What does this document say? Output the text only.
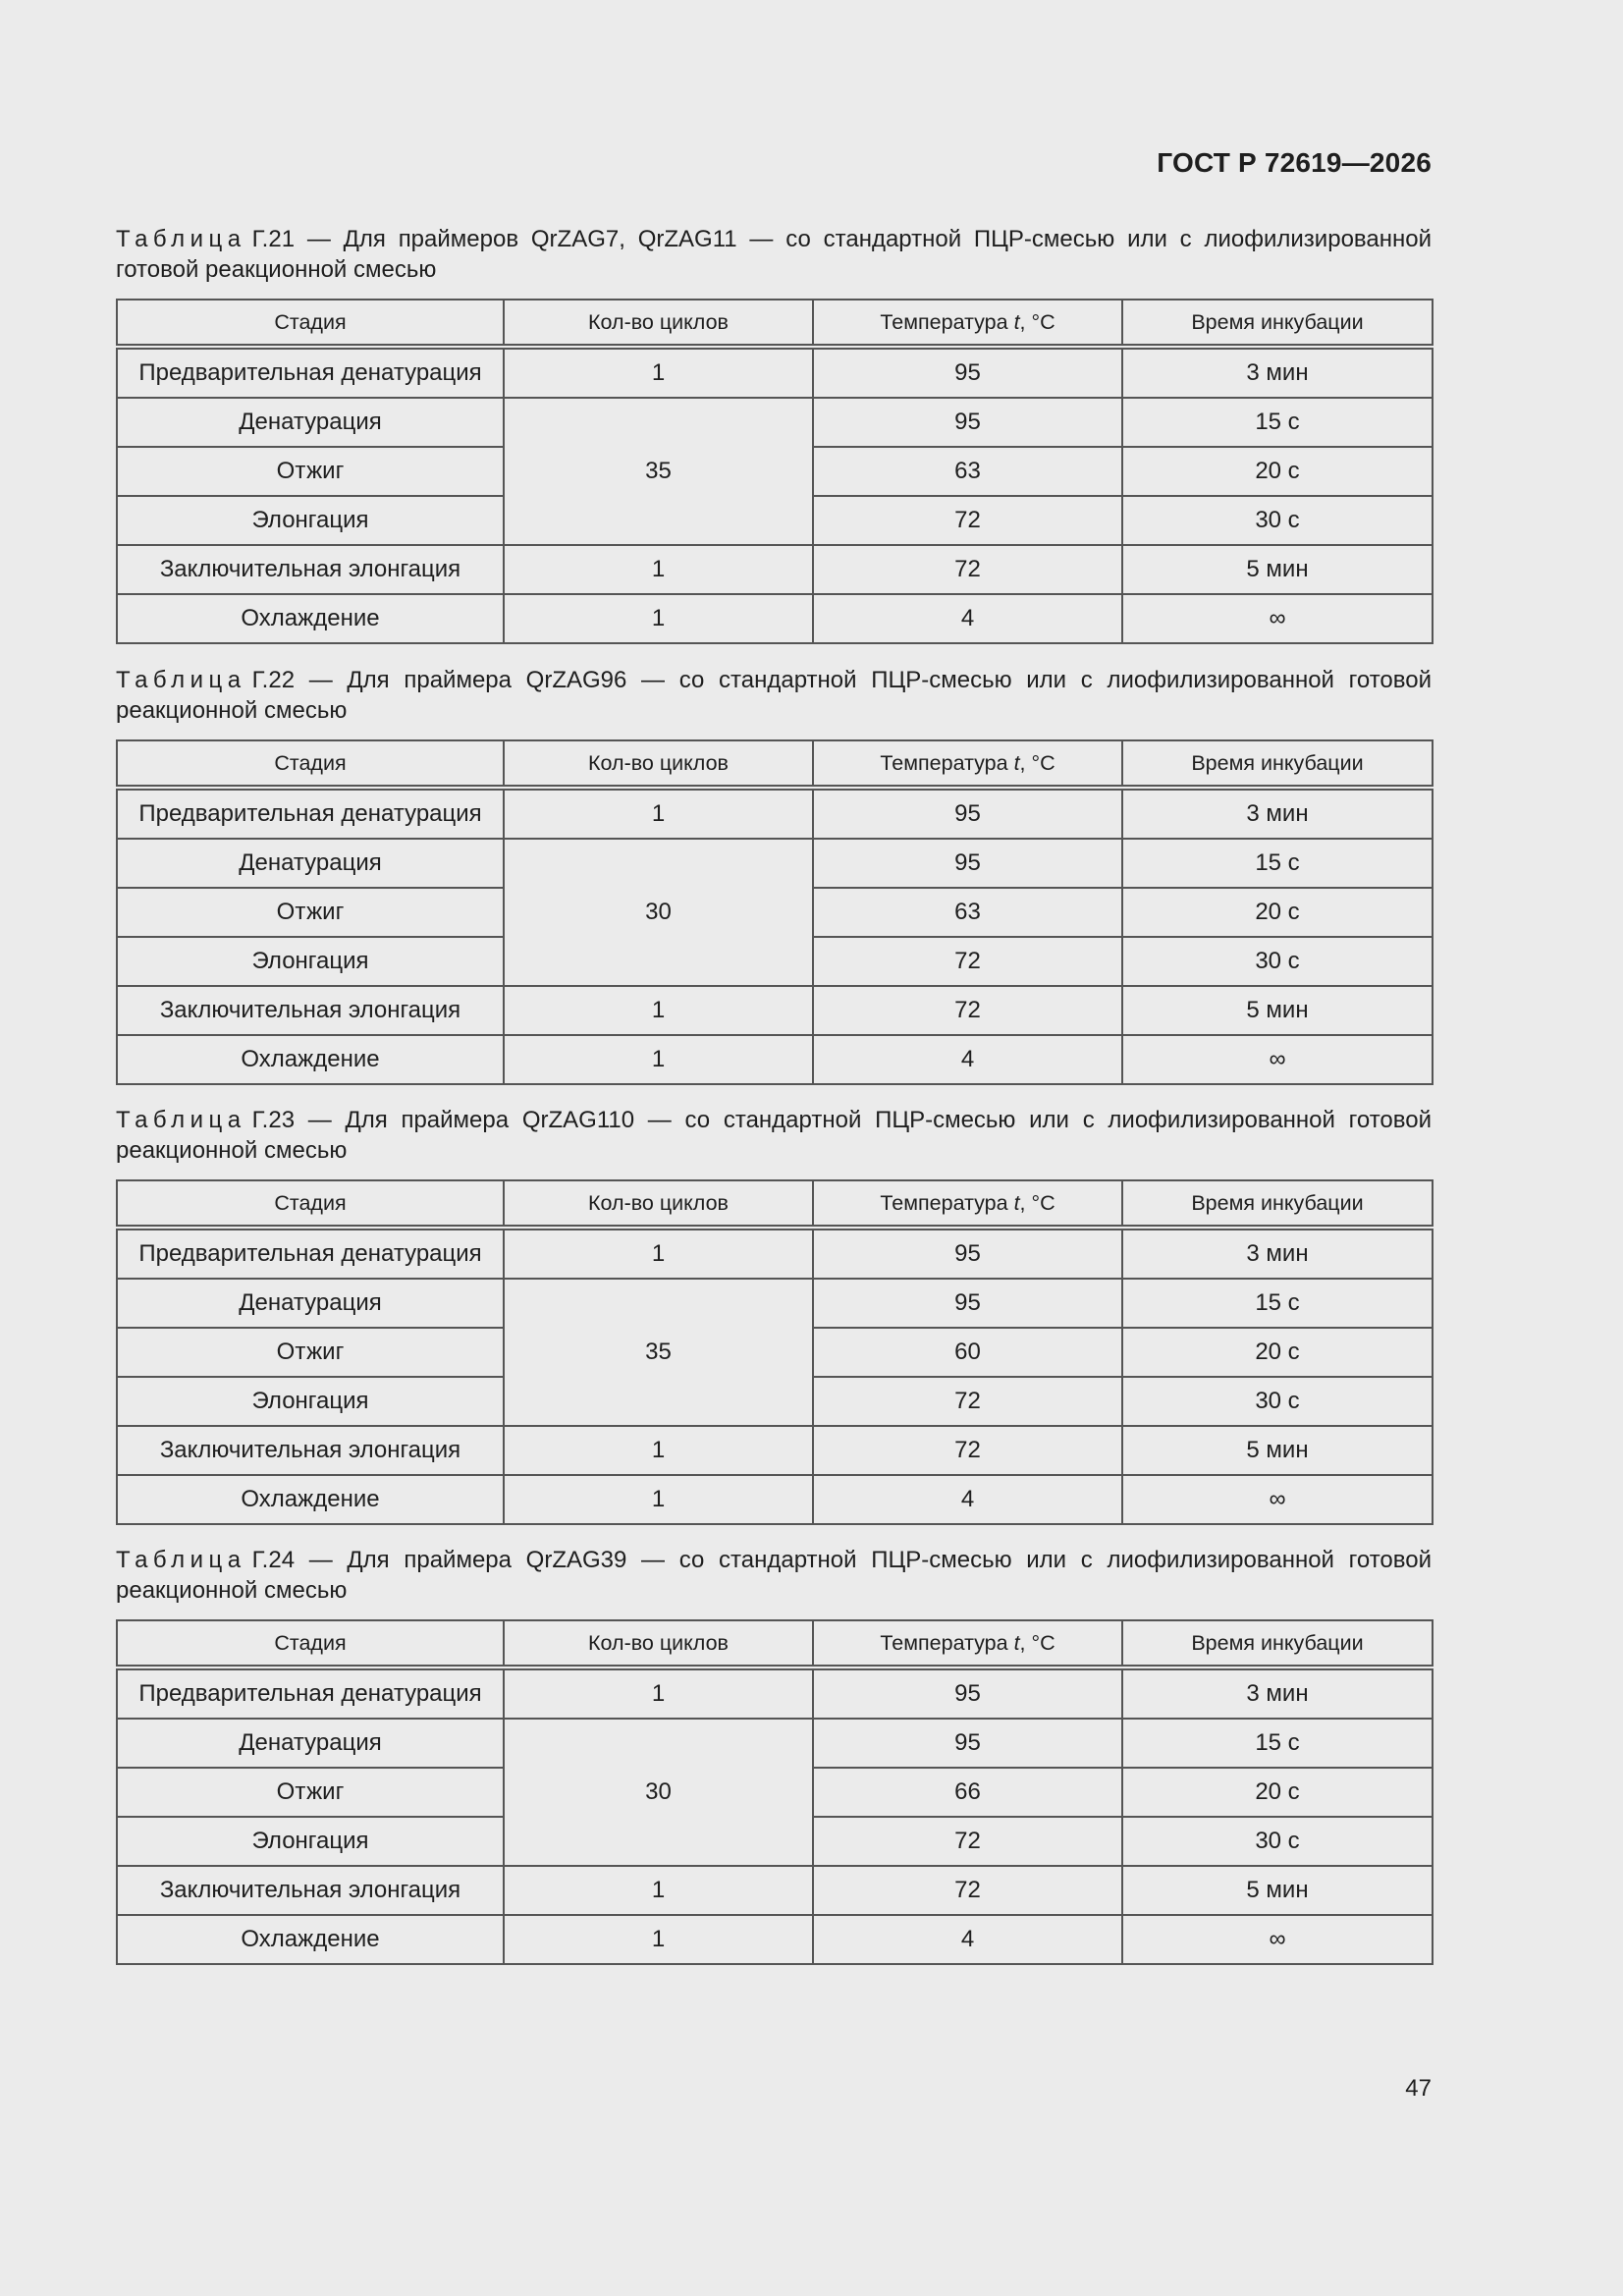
ГОСТ Р 72619—2026
Таблица Г.21 — Для праймеров QrZAG7, QrZAG11 — со стандартной ПЦР-смесью или с лиофилизированной готовой реакционной смесью
Стадия	Кол-во циклов	Температура t, °С	Время инкубации
Предварительная денатурация	1	95	3 мин
Денатурация	35	95	15 с
Отжиг		63	20 с
Элонгация		72	30 с
Заключительная элонгация	1	72	5 мин
Охлаждение	1	4	∞
Таблица Г.22 — Для праймера QrZAG96 — со стандартной ПЦР-смесью или с лиофилизированной готовой реакционной смесью
Стадия	Кол-во циклов	Температура t, °С	Время инкубации
Предварительная денатурация	1	95	3 мин
Денатурация	30	95	15 с
Отжиг		63	20 с
Элонгация		72	30 с
Заключительная элонгация	1	72	5 мин
Охлаждение	1	4	∞
Таблица Г.23 — Для праймера QrZAG110 — со стандартной ПЦР-смесью или с лиофилизированной готовой реакционной смесью
Стадия	Кол-во циклов	Температура t, °С	Время инкубации
Предварительная денатурация	1	95	3 мин
Денатурация	35	95	15 с
Отжиг		60	20 с
Элонгация		72	30 с
Заключительная элонгация	1	72	5 мин
Охлаждение	1	4	∞
Таблица Г.24 — Для праймера QrZAG39 — со стандартной ПЦР-смесью или с лиофилизированной готовой реакционной смесью
Стадия	Кол-во циклов	Температура t, °С	Время инкубации
Предварительная денатурация	1	95	3 мин
Денатурация	30	95	15 с
Отжиг		66	20 с
Элонгация		72	30 с
Заключительная элонгация	1	72	5 мин
Охлаждение	1	4	∞
47
